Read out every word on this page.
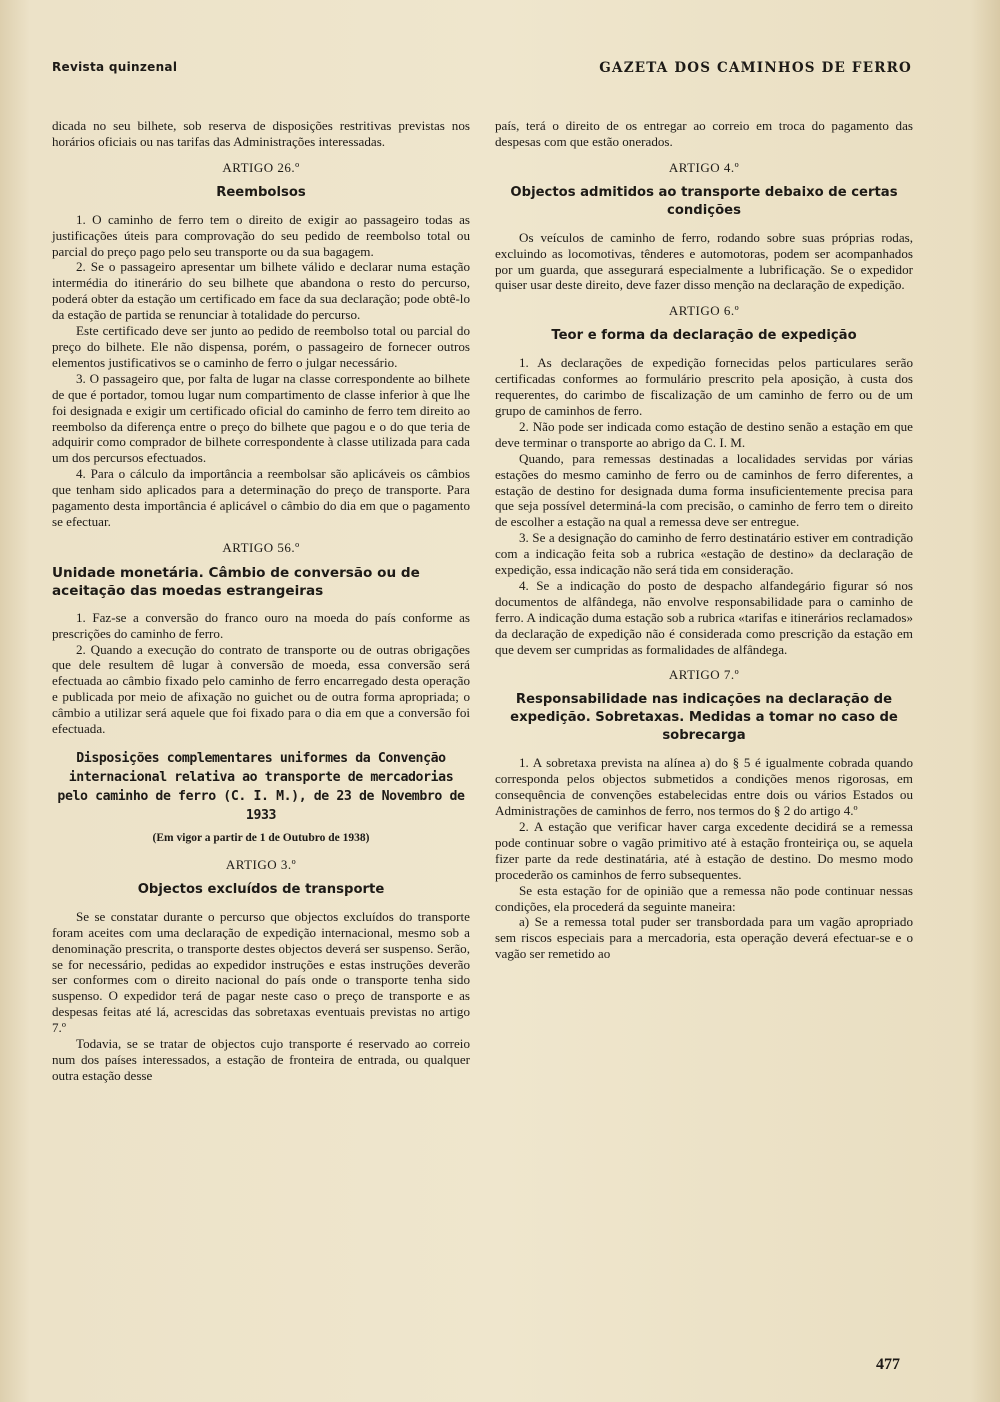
Revista quinzenal	GAZETA DOS CAMINHOS DE FERRO

dicada no seu bilhete, sob reserva de disposições restritivas previstas nos horários oficiais ou nas tarifas das Administrações interessadas.

ARTIGO 26.º
Reembolsos

1. O caminho de ferro tem o direito de exigir ao passageiro todas as justificações úteis para comprovação do seu pedido de reembolso total ou parcial do preço pago pelo seu transporte ou da sua bagagem.

2. Se o passageiro apresentar um bilhete válido e declarar numa estação intermédia do itinerário do seu bilhete que abandona o resto do percurso, poderá obter da estação um certificado em face da sua declaração; pode obtê-lo da estação de partida se renunciar à totalidade do percurso.

Este certificado deve ser junto ao pedido de reembolso total ou parcial do preço do bilhete. Ele não dispensa, porém, o passageiro de fornecer outros elementos justificativos se o caminho de ferro o julgar necessário.

3. O passageiro que, por falta de lugar na classe correspondente ao bilhete de que é portador, tomou lugar num compartimento de classe inferior à que lhe foi designada e exigir um certificado oficial do caminho de ferro tem direito ao reembolso da diferença entre o preço do bilhete que pagou e o do que teria de adquirir como comprador de bilhete correspondente à classe utilizada para cada um dos percursos efectuados.

4. Para o cálculo da importância a reembolsar são aplicáveis os câmbios que tenham sido aplicados para a determinação do preço de transporte. Para pagamento desta importância é aplicável o câmbio do dia em que o pagamento se efectuar.

ARTIGO 56.º
Unidade monetária. Câmbio de conversão ou de aceitação das moedas estrangeiras

1. Faz-se a conversão do franco ouro na moeda do país conforme as prescrições do caminho de ferro.

2. Quando a execução do contrato de transporte ou de outras obrigações que dele resultem dê lugar à conversão de moeda, essa conversão será efectuada ao câmbio fixado pelo caminho de ferro encarregado desta operação e publicada por meio de afixação no guichet ou de outra forma apropriada; o câmbio a utilizar será aquele que foi fixado para o dia em que a conversão foi efectuada.

Disposições complementares uniformes da Convenção internacional relativa ao transporte de mercadorias pelo caminho de ferro (C. I. M.), de 23 de Novembro de 1933
(Em vigor a partir de 1 de Outubro de 1938)
ARTIGO 3.º
Objectos excluídos de transporte

Se se constatar durante o percurso que objectos excluídos do transporte foram aceites com uma declaração de expedição internacional, mesmo sob a denominação prescrita, o transporte destes objectos deverá ser suspenso. Serão, se for necessário, pedidas ao expedidor instruções e estas instruções deverão ser conformes com o direito nacional do país onde o transporte tenha sido suspenso. O expedidor terá de pagar neste caso o preço de transporte e as despesas feitas até lá, acrescidas das sobretaxas eventuais previstas no artigo 7.º

Todavia, se se tratar de objectos cujo transporte é reservado ao correio num dos países interessados, a estação de fronteira de entrada, ou qualquer outra estação desse

país, terá o direito de os entregar ao correio em troca do pagamento das despesas com que estão onerados.

ARTIGO 4.º
Objectos admitidos ao transporte debaixo de certas condições

Os veículos de caminho de ferro, rodando sobre suas próprias rodas, excluindo as locomotivas, tênderes e automotoras, podem ser acompanhados por um guarda, que assegurará especialmente a lubrificação. Se o expedidor quiser usar deste direito, deve fazer disso menção na declaração de expedição.

ARTIGO 6.º
Teor e forma da declaração de expedição

1. As declarações de expedição fornecidas pelos particulares serão certificadas conformes ao formulário prescrito pela aposição, à custa dos requerentes, do carimbo de fiscalização de um caminho de ferro ou de um grupo de caminhos de ferro.

2. Não pode ser indicada como estação de destino senão a estação em que deve terminar o transporte ao abrigo da C. I. M.

Quando, para remessas destinadas a localidades servidas por várias estações do mesmo caminho de ferro ou de caminhos de ferro diferentes, a estação de destino for designada duma forma insuficientemente precisa para que seja possível determiná-la com precisão, o caminho de ferro tem o direito de escolher a estação na qual a remessa deve ser entregue.

3. Se a designação do caminho de ferro destinatário estiver em contradição com a indicação feita sob a rubrica «estação de destino» da declaração de expedição, essa indicação não será tida em consideração.

4. Se a indicação do posto de despacho alfandegário figurar só nos documentos de alfândega, não envolve responsabilidade para o caminho de ferro. A indicação duma estação sob a rubrica «tarifas e itinerários reclamados» da declaração de expedição não é considerada como prescrição da estação em que devem ser cumpridas as formalidades de alfândega.

ARTIGO 7.º
Responsabilidade nas indicações na declaração de expedição. Sobretaxas. Medidas a tomar no caso de sobrecarga

1. A sobretaxa prevista na alínea a) do § 5 é igualmente cobrada quando corresponda pelos objectos submetidos a condições menos rigorosas, em consequência de convenções estabelecidas entre dois ou vários Estados ou Administrações de caminhos de ferro, nos termos do § 2 do artigo 4.º

2. A estação que verificar haver carga excedente decidirá se a remessa pode continuar sobre o vagão primitivo até à estação fronteiriça ou, se aquela fizer parte da rede destinatária, até à estação de destino. Do mesmo modo procederão os caminhos de ferro subsequentes.

Se esta estação for de opinião que a remessa não pode continuar nessas condições, ela procederá da seguinte maneira:

a) Se a remessa total puder ser transbordada para um vagão apropriado sem riscos especiais para a mercadoria, esta operação deverá efectuar-se e o vagão ser remetido ao

477
